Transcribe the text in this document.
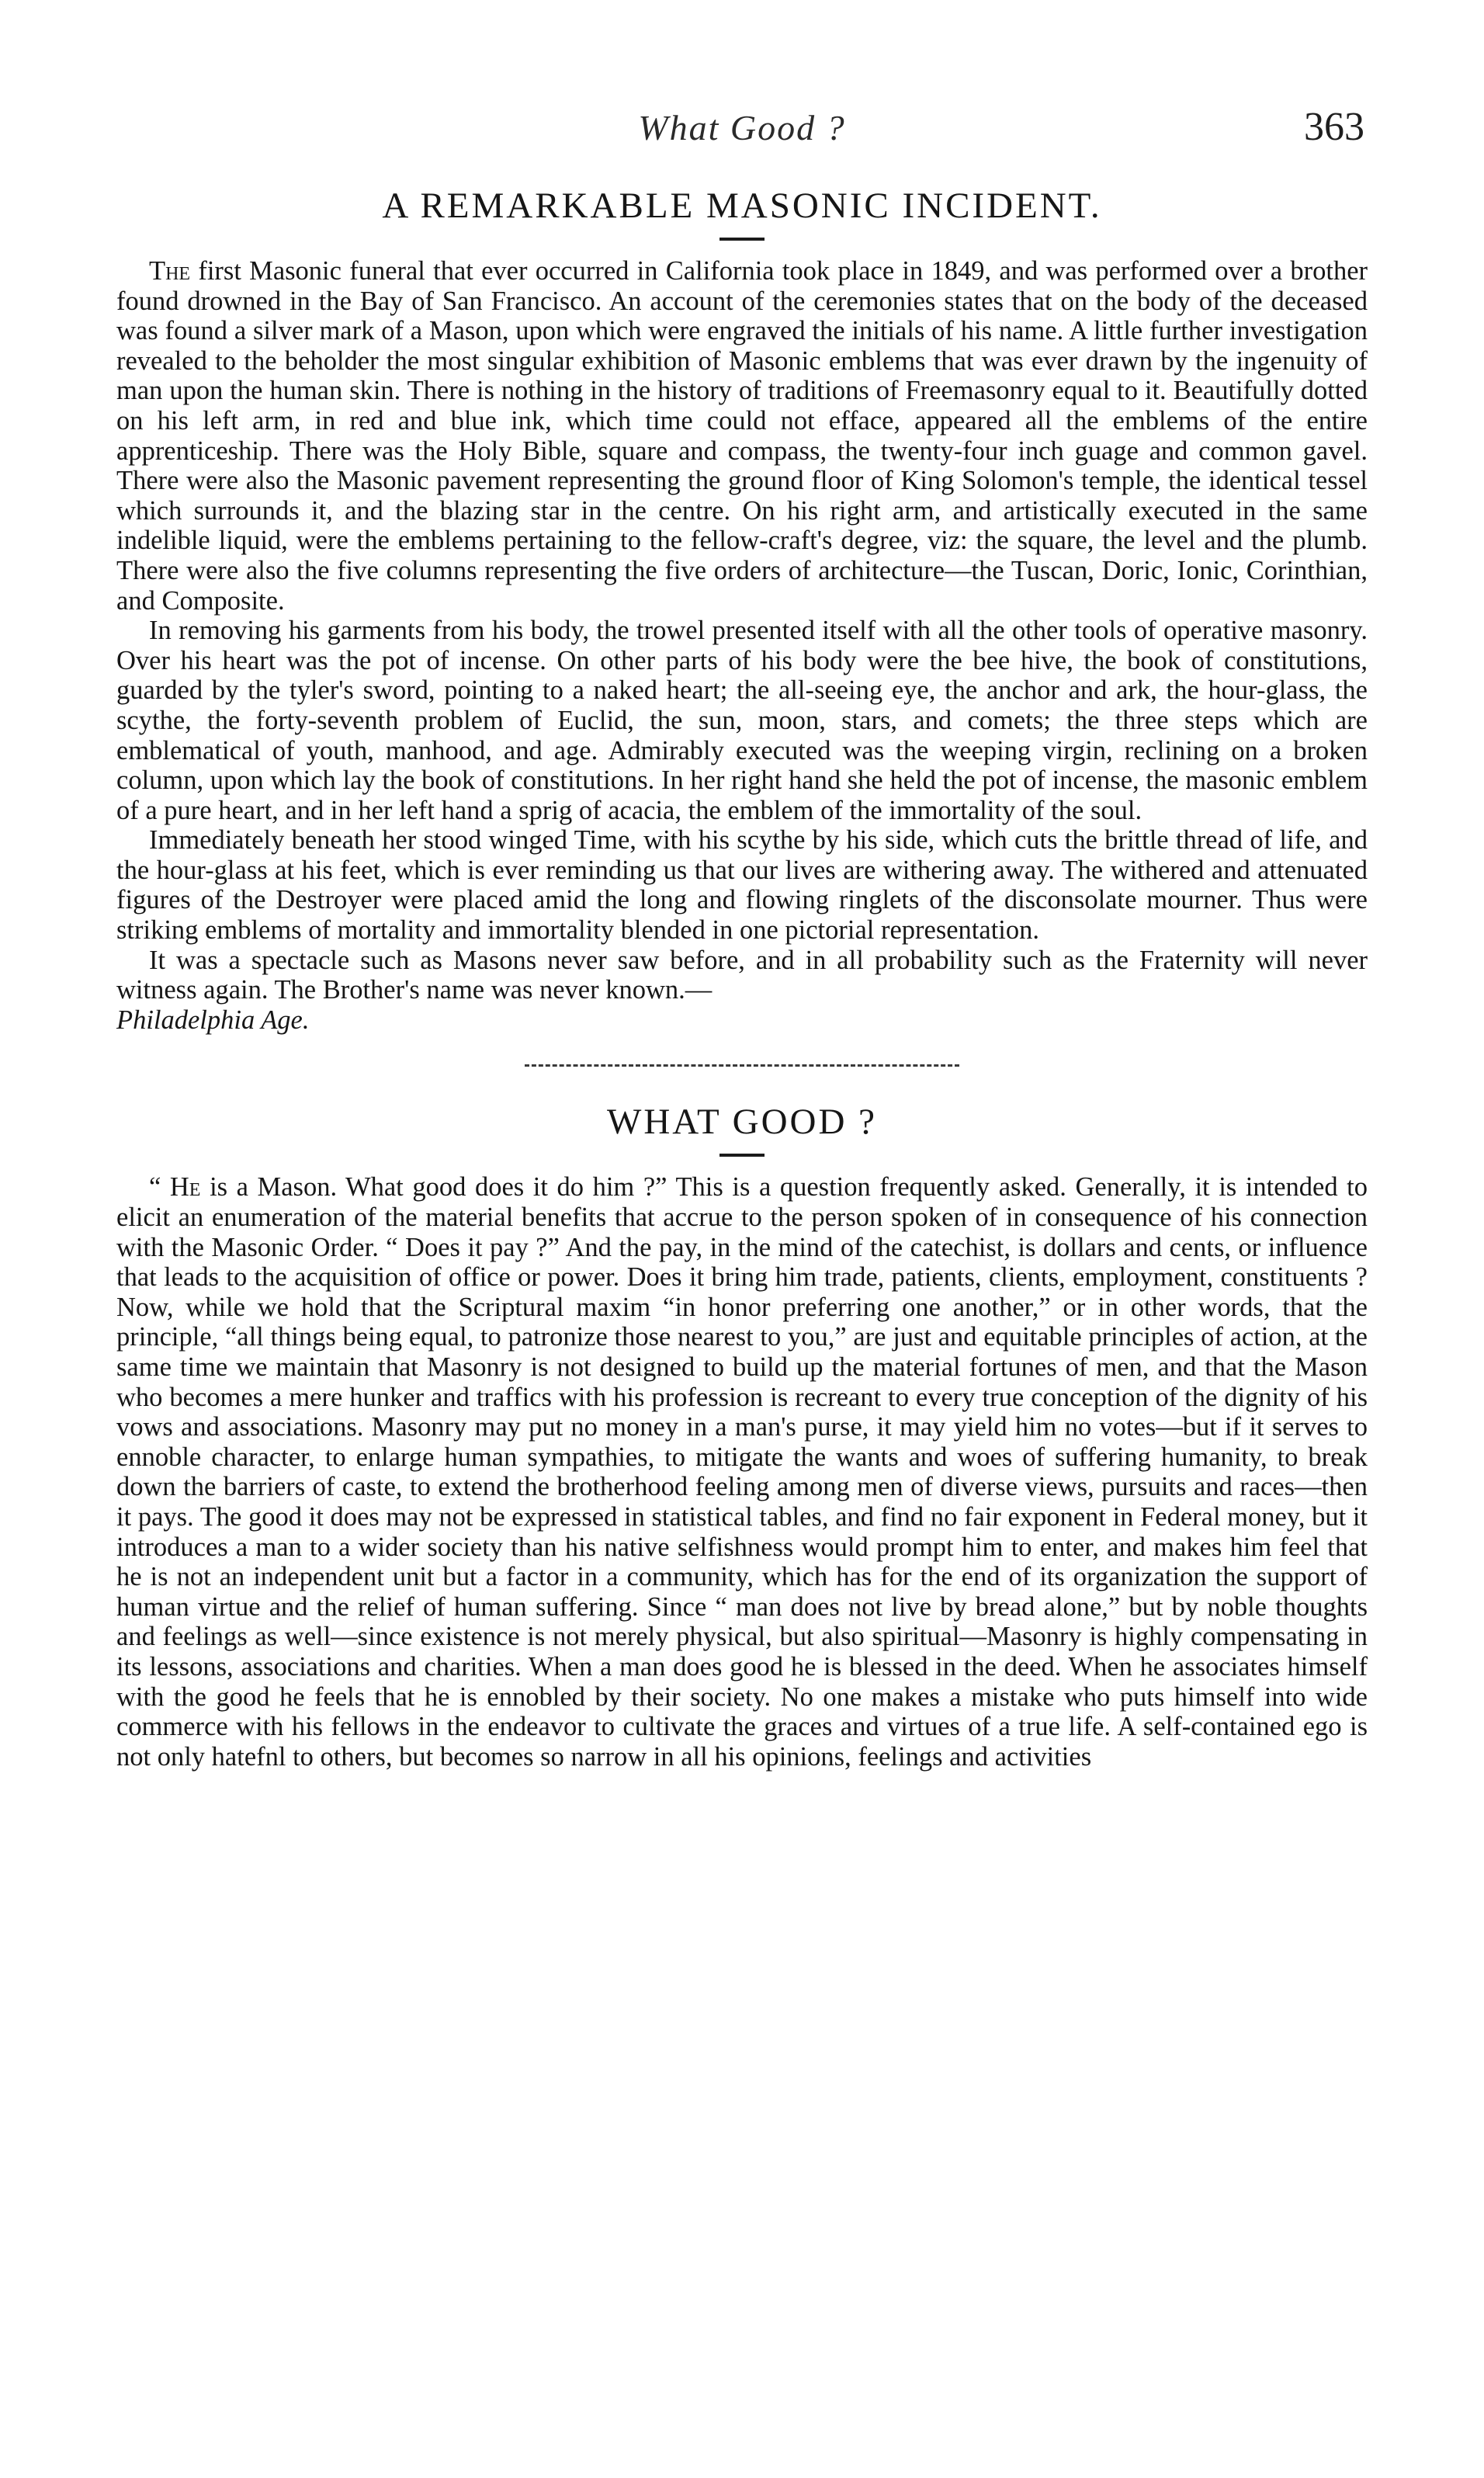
What Good ?	363
A REMARKABLE MASONIC INCIDENT.

The first Masonic funeral that ever occurred in California took place in 1849, and was performed over a brother found drowned in the Bay of San Francisco. An account of the ceremonies states that on the body of the deceased was found a silver mark of a Mason, upon which were engraved the initials of his name. A little further investigation revealed to the beholder the most singular exhibition of Masonic emblems that was ever drawn by the ingenuity of man upon the human skin. There is nothing in the history of traditions of Freemasonry equal to it. Beautifully dotted on his left arm, in red and blue ink, which time could not efface, appeared all the emblems of the entire apprenticeship. There was the Holy Bible, square and compass, the twenty-four inch guage and common gavel. There were also the Masonic pavement representing the ground floor of King Solomon's temple, the identical tessel which surrounds it, and the blazing star in the centre. On his right arm, and artistically executed in the same indelible liquid, were the emblems pertaining to the fellow-craft's degree, viz: the square, the level and the plumb. There were also the five columns representing the five orders of architecture—the Tuscan, Doric, Ionic, Corinthian, and Composite.

In removing his garments from his body, the trowel presented itself with all the other tools of operative masonry. Over his heart was the pot of incense. On other parts of his body were the bee hive, the book of constitutions, guarded by the tyler's sword, pointing to a naked heart; the all-seeing eye, the anchor and ark, the hour-glass, the scythe, the forty-seventh problem of Euclid, the sun, moon, stars, and comets; the three steps which are emblematical of youth, manhood, and age. Admirably executed was the weeping virgin, reclining on a broken column, upon which lay the book of constitutions. In her right hand she held the pot of incense, the masonic emblem of a pure heart, and in her left hand a sprig of acacia, the emblem of the immortality of the soul.

Immediately beneath her stood winged Time, with his scythe by his side, which cuts the brittle thread of life, and the hour-glass at his feet, which is ever reminding us that our lives are withering away. The withered and attenuated figures of the Destroyer were placed amid the long and flowing ringlets of the disconsolate mourner. Thus were striking emblems of mortality and immortality blended in one pictorial representation.

It was a spectacle such as Masons never saw before, and in all probability such as the Fraternity will never witness again. The Brother's name was never known.—

Philadelphia Age.

WHAT GOOD ?

“ He is a Mason. What good does it do him ?” This is a question frequently asked. Generally, it is intended to elicit an enumeration of the material benefits that accrue to the person spoken of in consequence of his connection with the Masonic Order. “ Does it pay ?” And the pay, in the mind of the catechist, is dollars and cents, or influence that leads to the acquisition of office or power. Does it bring him trade, patients, clients, employment, constituents ? Now, while we hold that the Scriptural maxim “in honor preferring one another,” or in other words, that the principle, “all things being equal, to patronize those nearest to you,” are just and equitable principles of action, at the same time we maintain that Masonry is not designed to build up the material fortunes of men, and that the Mason who becomes a mere hunker and traffics with his profession is recreant to every true conception of the dignity of his vows and associations. Masonry may put no money in a man's purse, it may yield him no votes—but if it serves to ennoble character, to enlarge human sympathies, to mitigate the wants and woes of suffering humanity, to break down the barriers of caste, to extend the brotherhood feeling among men of diverse views, pursuits and races—then it pays. The good it does may not be expressed in statistical tables, and find no fair exponent in Federal money, but it introduces a man to a wider society than his native selfishness would prompt him to enter, and makes him feel that he is not an independent unit but a factor in a community, which has for the end of its organization the support of human virtue and the relief of human suffering. Since “ man does not live by bread alone,” but by noble thoughts and feelings as well—since existence is not merely physical, but also spiritual—Masonry is highly compensating in its lessons, associations and charities. When a man does good he is blessed in the deed. When he associates himself with the good he feels that he is ennobled by their society. No one makes a mistake who puts himself into wide commerce with his fellows in the endeavor to cultivate the graces and virtues of a true life. A self-contained ego is not only hatefnl to others, but becomes so narrow in all his opinions, feelings and activities
